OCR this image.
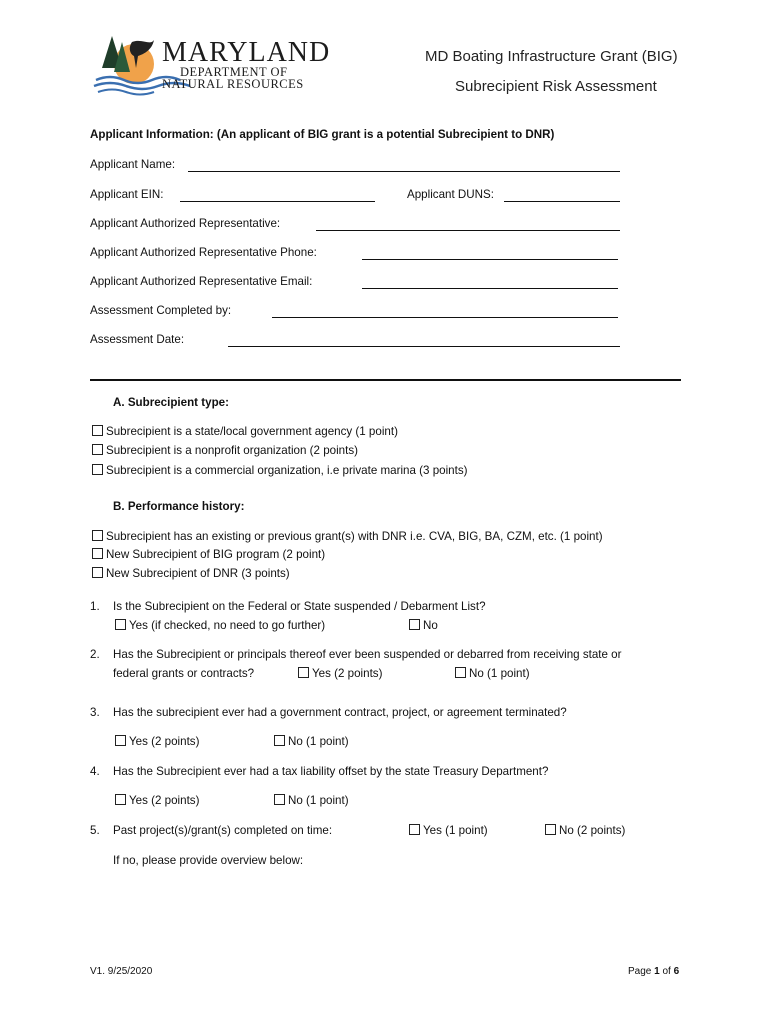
MARYLAND
DEPARTMENT OF
NATURAL RESOURCES
MD Boating Infrastructure Grant (BIG)
Subrecipient Risk Assessment
Applicant Information: (An applicant of BIG grant is a potential Subrecipient to DNR)
Applicant Name:
Applicant EIN:	Applicant DUNS:
Applicant Authorized Representative:
Applicant Authorized Representative Phone:
Applicant Authorized Representative Email:
Assessment Completed by:
Assessment Date:
A. Subrecipient type:
Subrecipient is a state/local government agency (1 point)
Subrecipient is a nonprofit organization (2 points)
Subrecipient is a commercial organization, i.e private marina (3 points)
B. Performance history:
Subrecipient has an existing or previous grant(s) with DNR i.e. CVA, BIG, BA, CZM, etc. (1 point)
New Subrecipient of BIG program (2 point)
New Subrecipient of DNR (3 points)
1. Is the Subrecipient on the Federal or State suspended / Debarment List?
Yes (if checked, no need to go further)	No
2. Has the Subrecipient or principals thereof ever been suspended or debarred from receiving state or
federal grants or contracts?	Yes (2 points)	No (1 point)
3. Has the subrecipient ever had a government contract, project, or agreement terminated?
Yes (2 points)	No (1 point)
4. Has the Subrecipient ever had a tax liability offset by the state Treasury Department?
Yes (2 points)	No (1 point)
5. Past project(s)/grant(s) completed on time:	Yes (1 point)	No (2 points)
If no, please provide overview below:
V1. 9/25/2020	Page 1 of 6
